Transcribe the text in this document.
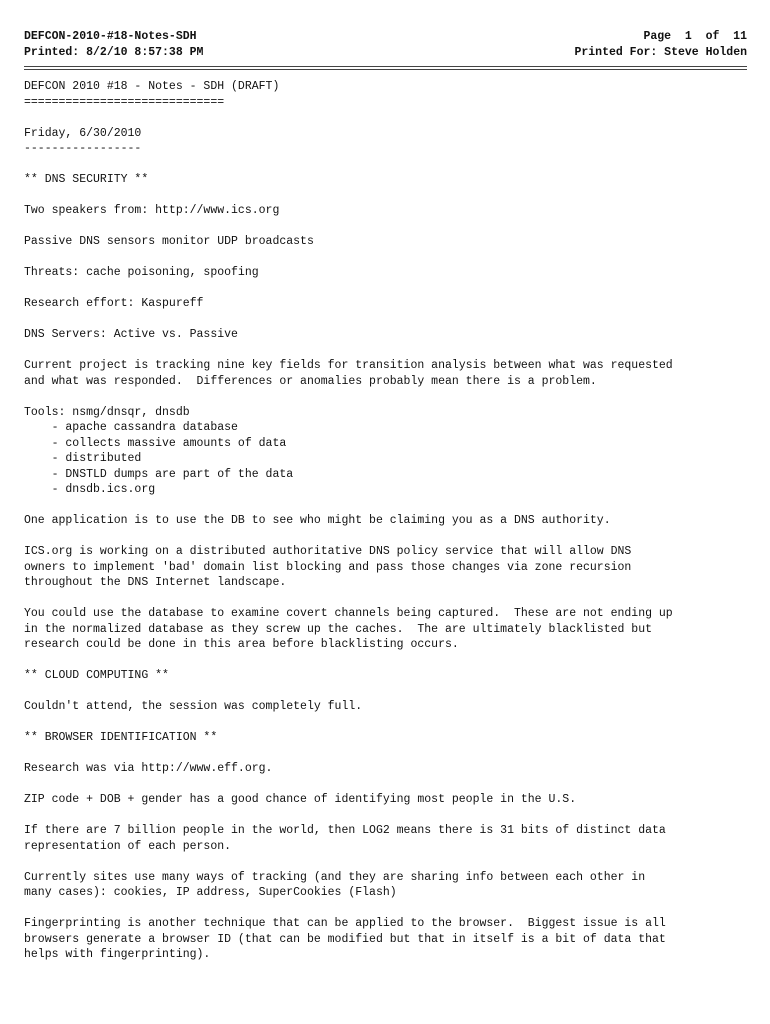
DEFCON-2010-#18-Notes-SDH	Page  1  of  11
Printed: 8/2/10 8:57:38 PM	Printed For: Steve Holden
DEFCON 2010 #18 - Notes - SDH (DRAFT)
=============================
Friday, 6/30/2010
-----------------
** DNS SECURITY **
Two speakers from: http://www.ics.org
Passive DNS sensors monitor UDP broadcasts
Threats: cache poisoning, spoofing
Research effort: Kaspureff
DNS Servers: Active vs. Passive
Current project is tracking nine key fields for transition analysis between what was requested
and what was responded.  Differences or anomalies probably mean there is a problem.
Tools: nsmg/dnsqr, dnsdb
- apache cassandra database
- collects massive amounts of data
- distributed
- DNSTLD dumps are part of the data
- dnsdb.ics.org
One application is to use the DB to see who might be claiming you as a DNS authority.
ICS.org is working on a distributed authoritative DNS policy service that will allow DNS
owners to implement 'bad' domain list blocking and pass those changes via zone recursion
throughout the DNS Internet landscape.
You could use the database to examine covert channels being captured.  These are not ending up
in the normalized database as they screw up the caches.  The are ultimately blacklisted but
research could be done in this area before blacklisting occurs.
** CLOUD COMPUTING **
Couldn't attend, the session was completely full.
** BROWSER IDENTIFICATION **
Research was via http://www.eff.org.
ZIP code + DOB + gender has a good chance of identifying most people in the U.S.
If there are 7 billion people in the world, then LOG2 means there is 31 bits of distinct data
representation of each person.
Currently sites use many ways of tracking (and they are sharing info between each other in
many cases): cookies, IP address, SuperCookies (Flash)
Fingerprinting is another technique that can be applied to the browser.  Biggest issue is all
browsers generate a browser ID (that can be modified but that in itself is a bit of data that
helps with fingerprinting).
